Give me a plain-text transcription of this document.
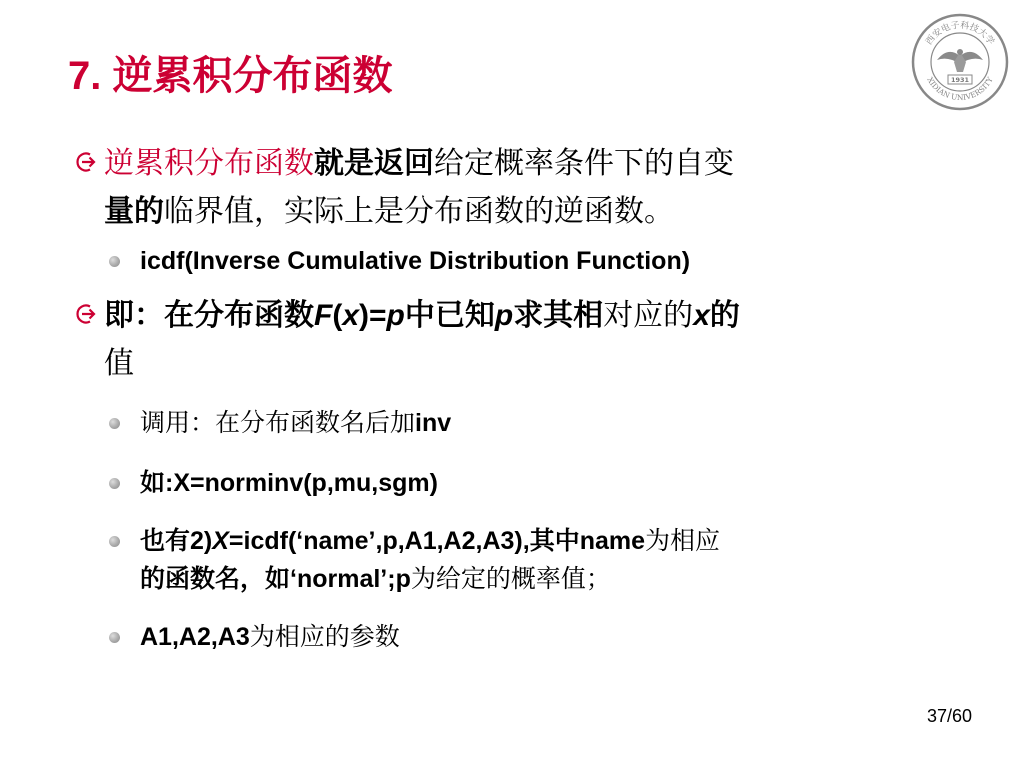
7. 逆累积分布函数
西安电子科技大学
XIDIAN UNIVERSITY
1931
逆累积分布函数就是返回给定概率条件下的自变
量的临界值，实际上是分布函数的逆函数。
icdf(Inverse Cumulative Distribution Function)
即：在分布函数F(x)=p中已知p求其相对应的x的
值
调用：在分布函数名后加inv
如:X=norminv(p,mu,sgm)
也有2)X=icdf(‘name’,p,A1,A2,A3),其中name为相应
的函数名，如‘normal’;p为给定的概率值；
A1,A2,A3为相应的参数
37/60
